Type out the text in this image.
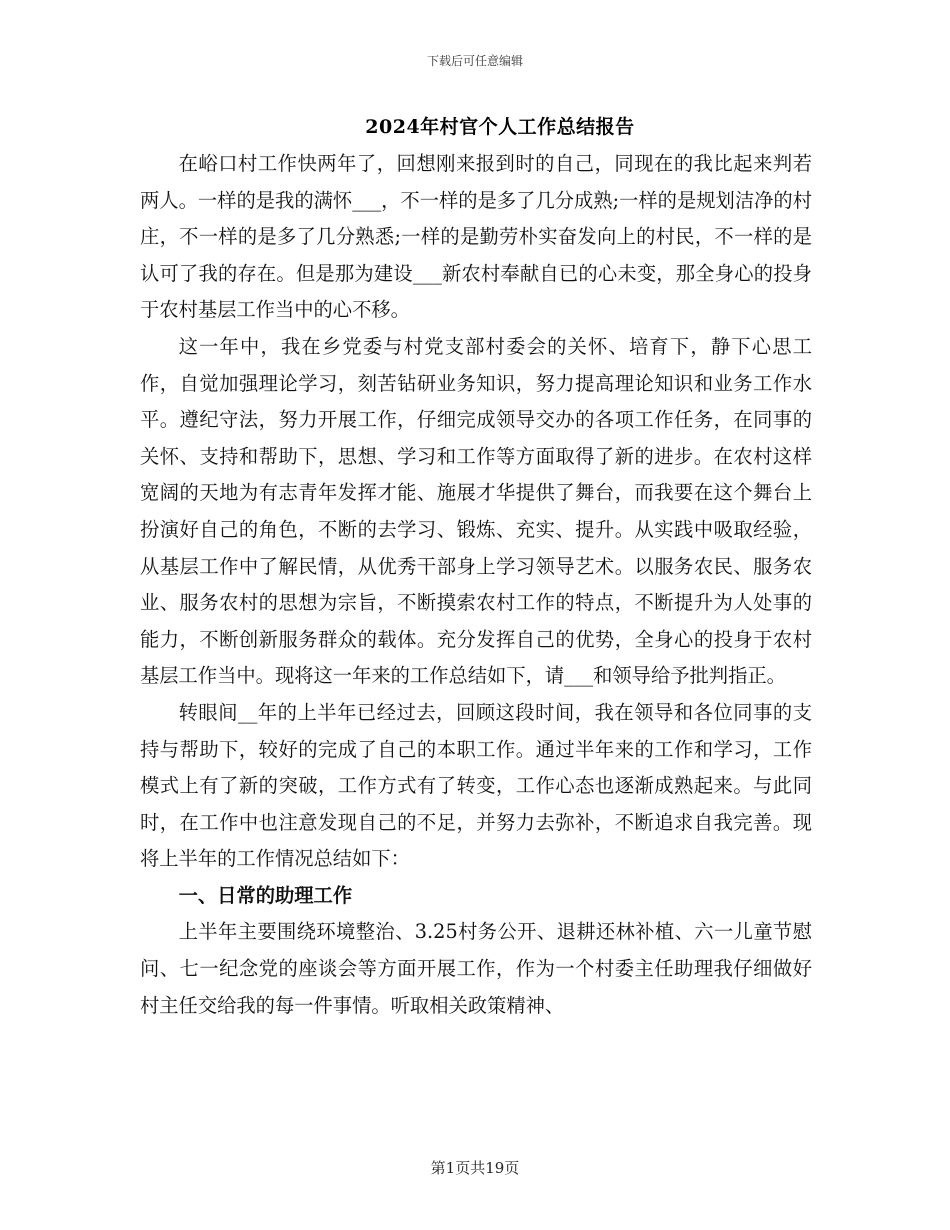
下载后可任意编辑
2024年村官个人工作总结报告

在峪口村工作快两年了，回想刚来报到时的自己，同现在的我比起来判若两人。一样的是我的满怀___，不一样的是多了几分成熟;一样的是规划洁净的村庄，不一样的是多了几分熟悉;一样的是勤劳朴实奋发向上的村民，不一样的是认可了我的存在。但是那为建设___新农村奉献自已的心未变，那全身心的投身于农村基层工作当中的心不移。

这一年中，我在乡党委与村党支部村委会的关怀、培育下，静下心思工作，自觉加强理论学习，刻苦钻研业务知识，努力提高理论知识和业务工作水平。遵纪守法，努力开展工作，仔细完成领导交办的各项工作任务，在同事的关怀、支持和帮助下，思想、学习和工作等方面取得了新的进步。在农村这样宽阔的天地为有志青年发挥才能、施展才华提供了舞台，而我要在这个舞台上扮演好自己的角色，不断的去学习、锻炼、充实、提升。从实践中吸取经验，从基层工作中了解民情，从优秀干部身上学习领导艺术。以服务农民、服务农业、服务农村的思想为宗旨，不断摸索农村工作的特点，不断提升为人处事的能力，不断创新服务群众的载体。充分发挥自己的优势，全身心的投身于农村基层工作当中。现将这一年来的工作总结如下，请___和领导给予批判指正。

转眼间__年的上半年已经过去，回顾这段时间，我在领导和各位同事的支持与帮助下，较好的完成了自己的本职工作。通过半年来的工作和学习，工作模式上有了新的突破，工作方式有了转变，工作心态也逐渐成熟起来。与此同时，在工作中也注意发现自己的不足，并努力去弥补，不断追求自我完善。现将上半年的工作情况总结如下：

一、日常的助理工作

上半年主要围绕环境整治、3.25村务公开、退耕还林补植、六一儿童节慰问、七一纪念党的座谈会等方面开展工作，作为一个村委主任助理我仔细做好村主任交给我的每一件事情。听取相关政策精神、

第1页共19页
